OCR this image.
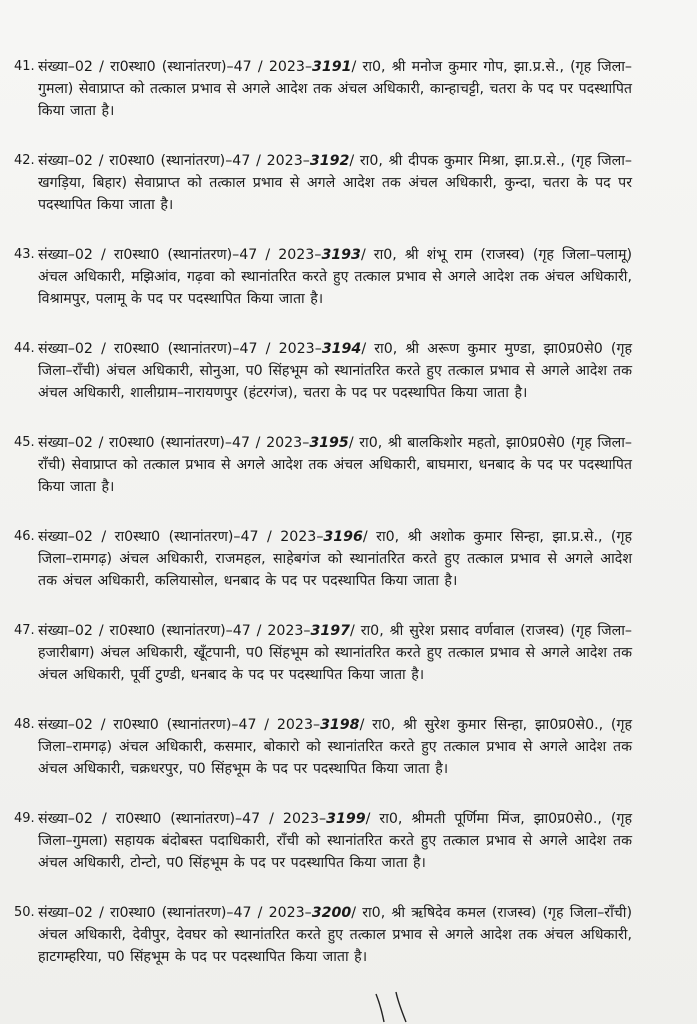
41. संख्या–02 / रा0स्था0 (स्थानांतरण)–47 / 2023–3191/ रा0, श्री मनोज कुमार गोप, झा.प्र.से., (गृह जिला–गुमला) सेवाप्राप्त को तत्काल प्रभाव से अगले आदेश तक अंचल अधिकारी, कान्हाचट्टी, चतरा के पद पर पदस्थापित किया जाता है।
42. संख्या–02 / रा0स्था0 (स्थानांतरण)–47 / 2023–3192/ रा0, श्री दीपक कुमार मिश्रा, झा.प्र.से., (गृह जिला–खगड़िया, बिहार) सेवाप्राप्त को तत्काल प्रभाव से अगले आदेश तक अंचल अधिकारी, कुन्दा, चतरा के पद पर पदस्थापित किया जाता है।
43. संख्या–02 / रा0स्था0 (स्थानांतरण)–47 / 2023–3193/ रा0, श्री शंभू राम (राजस्व) (गृह जिला–पलामू) अंचल अधिकारी, मझिआंव, गढ़वा को स्थानांतरित करते हुए तत्काल प्रभाव से अगले आदेश तक अंचल अधिकारी, विश्रामपुर, पलामू के पद पर पदस्थापित किया जाता है।
44. संख्या–02 / रा0स्था0 (स्थानांतरण)–47 / 2023–3194/ रा0, श्री अरूण कुमार मुण्डा, झा0प्र0से0 (गृह जिला–राँची) अंचल अधिकारी, सोनुआ, प0 सिंहभूम को स्थानांतरित करते हुए तत्काल प्रभाव से अगले आदेश तक अंचल अधिकारी, शालीग्राम–नारायणपुर (हंटरगंज), चतरा के पद पर पदस्थापित किया जाता है।
45. संख्या–02 / रा0स्था0 (स्थानांतरण)–47 / 2023–3195/ रा0, श्री बालकिशोर महतो, झा0प्र0से0 (गृह जिला–राँची) सेवाप्राप्त को तत्काल प्रभाव से अगले आदेश तक अंचल अधिकारी, बाघमारा, धनबाद के पद पर पदस्थापित किया जाता है।
46. संख्या–02 / रा0स्था0 (स्थानांतरण)–47 / 2023–3196/ रा0, श्री अशोक कुमार सिन्हा, झा.प्र.से., (गृह जिला–रामगढ़) अंचल अधिकारी, राजमहल, साहेबगंज को स्थानांतरित करते हुए तत्काल प्रभाव से अगले आदेश तक अंचल अधिकारी, कलियासोल, धनबाद के पद पर पदस्थापित किया जाता है।
47. संख्या–02 / रा0स्था0 (स्थानांतरण)–47 / 2023–3197/ रा0, श्री सुरेश प्रसाद वर्णवाल (राजस्व) (गृह जिला–हजारीबाग) अंचल अधिकारी, खूँटपानी, प0 सिंहभूम को स्थानांतरित करते हुए तत्काल प्रभाव से अगले आदेश तक अंचल अधिकारी, पूर्वी टुण्डी, धनबाद के पद पर पदस्थापित किया जाता है।
48. संख्या–02 / रा0स्था0 (स्थानांतरण)–47 / 2023–3198/ रा0, श्री सुरेश कुमार सिन्हा, झा0प्र0से0., (गृह जिला–रामगढ़) अंचल अधिकारी, कसमार, बोकारो को स्थानांतरित करते हुए तत्काल प्रभाव से अगले आदेश तक अंचल अधिकारी, चक्रधरपुर, प0 सिंहभूम के पद पर पदस्थापित किया जाता है।
49. संख्या–02 / रा0स्था0 (स्थानांतरण)–47 / 2023–3199/ रा0, श्रीमती पूर्णिमा मिंज, झा0प्र0से0., (गृह जिला–गुमला) सहायक बंदोबस्त पदाधिकारी, राँची को स्थानांतरित करते हुए तत्काल प्रभाव से अगले आदेश तक अंचल अधिकारी, टोन्टो, प0 सिंहभूम के पद पर पदस्थापित किया जाता है।
50. संख्या–02 / रा0स्था0 (स्थानांतरण)–47 / 2023–3200/ रा0, श्री ऋषिदेव कमल (राजस्व) (गृह जिला–राँची) अंचल अधिकारी, देवीपुर, देवघर को स्थानांतरित करते हुए तत्काल प्रभाव से अगले आदेश तक अंचल अधिकारी, हाटगम्हरिया, प0 सिंहभूम के पद पर पदस्थापित किया जाता है।
